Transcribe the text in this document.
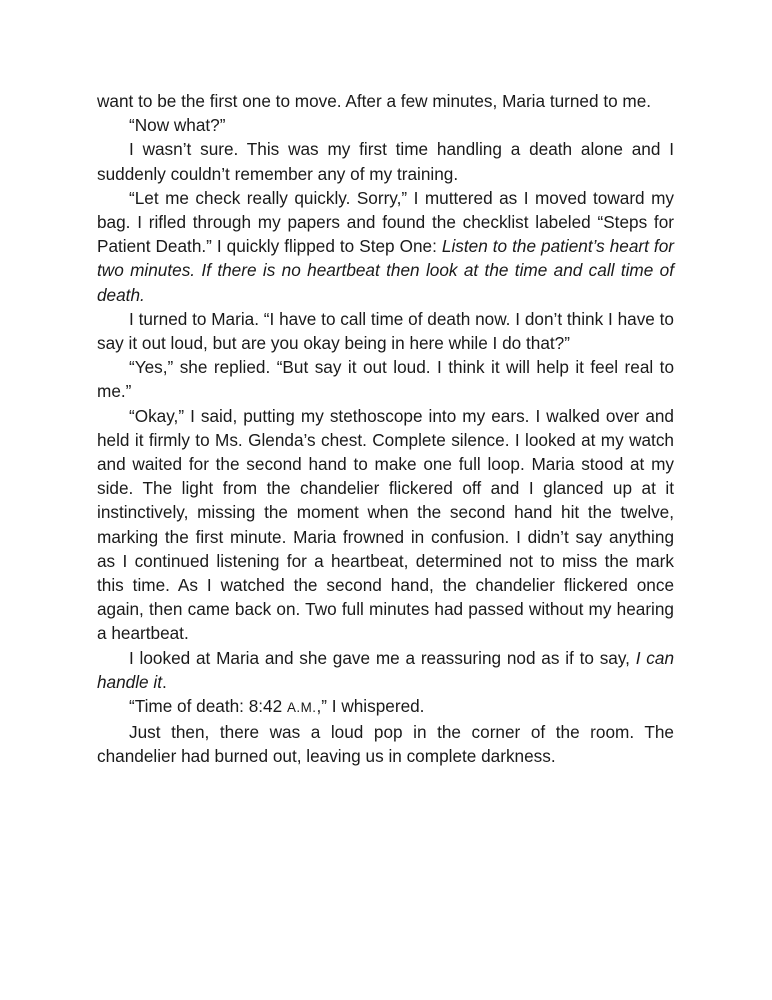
want to be the first one to move. After a few minutes, Maria turned to me.

“Now what?”

I wasn’t sure. This was my first time handling a death alone and I suddenly couldn’t remember any of my training.

“Let me check really quickly. Sorry,” I muttered as I moved toward my bag. I rifled through my papers and found the checklist labeled “Steps for Patient Death.” I quickly flipped to Step One: Listen to the patient’s heart for two minutes. If there is no heartbeat then look at the time and call time of death.

I turned to Maria. “I have to call time of death now. I don’t think I have to say it out loud, but are you okay being in here while I do that?”

“Yes,” she replied. “But say it out loud. I think it will help it feel real to me.”

“Okay,” I said, putting my stethoscope into my ears. I walked over and held it firmly to Ms. Glenda’s chest. Complete silence. I looked at my watch and waited for the second hand to make one full loop. Maria stood at my side. The light from the chandelier flickered off and I glanced up at it instinctively, missing the moment when the second hand hit the twelve, marking the first minute. Maria frowned in confusion. I didn’t say anything as I continued listening for a heartbeat, determined not to miss the mark this time. As I watched the second hand, the chandelier flickered once again, then came back on. Two full minutes had passed without my hearing a heartbeat.

I looked at Maria and she gave me a reassuring nod as if to say, I can handle it.

“Time of death: 8:42 A.M.,” I whispered.

Just then, there was a loud pop in the corner of the room. The chandelier had burned out, leaving us in complete darkness.
